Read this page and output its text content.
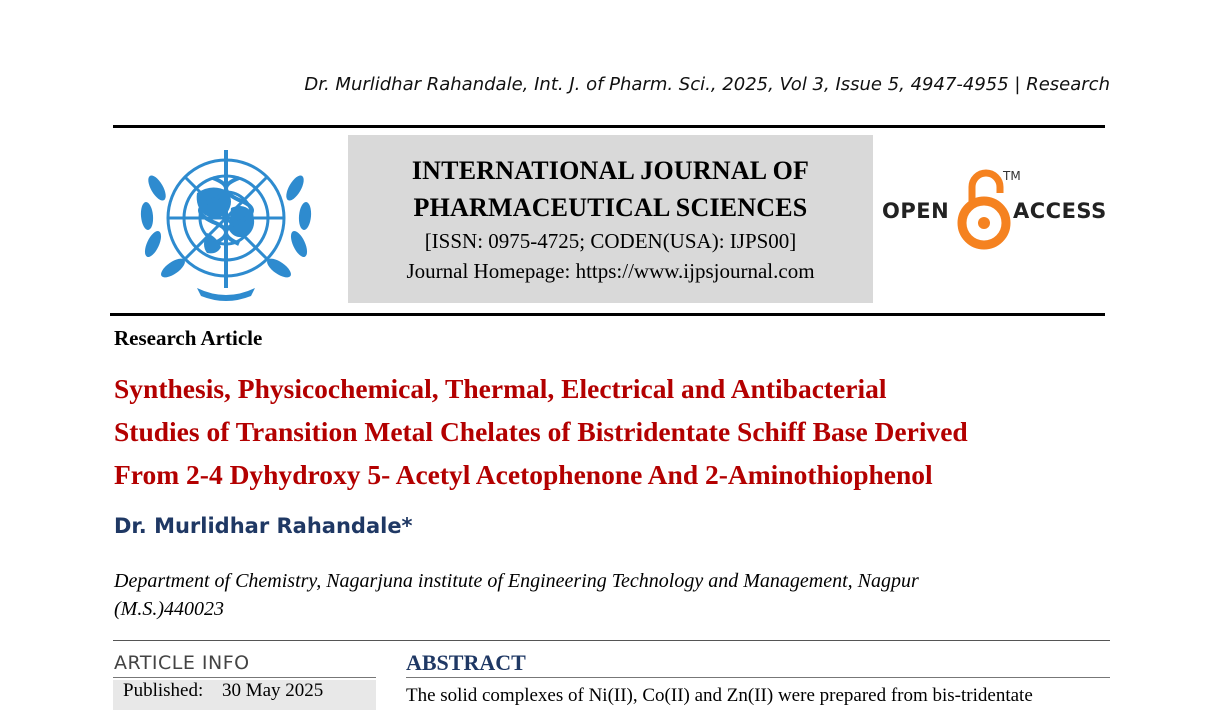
Dr. Murlidhar Rahandale, Int. J. of Pharm. Sci., 2025, Vol 3, Issue 5, 4947-4955 | Research
INTERNATIONAL JOURNAL OF
PHARMACEUTICAL SCIENCES
[ISSN: 0975-4725; CODEN(USA): IJPS00]
Journal Homepage: https://www.ijpsjournal.com
OPEN	ACCESS
TM
Research Article
Synthesis, Physicochemical, Thermal, Electrical and Antibacterial
Studies of Transition Metal Chelates of Bistridentate Schiff Base Derived
From 2-4 Dyhydroxy 5- Acetyl Acetophenone And 2-Aminothiophenol
Dr. Murlidhar Rahandale*
Department of Chemistry, Nagarjuna institute of Engineering Technology and Management, Nagpur
(M.S.)440023
ARTICLE INFO
Published: 30 May 2025
ABSTRACT
The solid complexes of Ni(II), Co(II) and Zn(II) were prepared from bis-tridentate
